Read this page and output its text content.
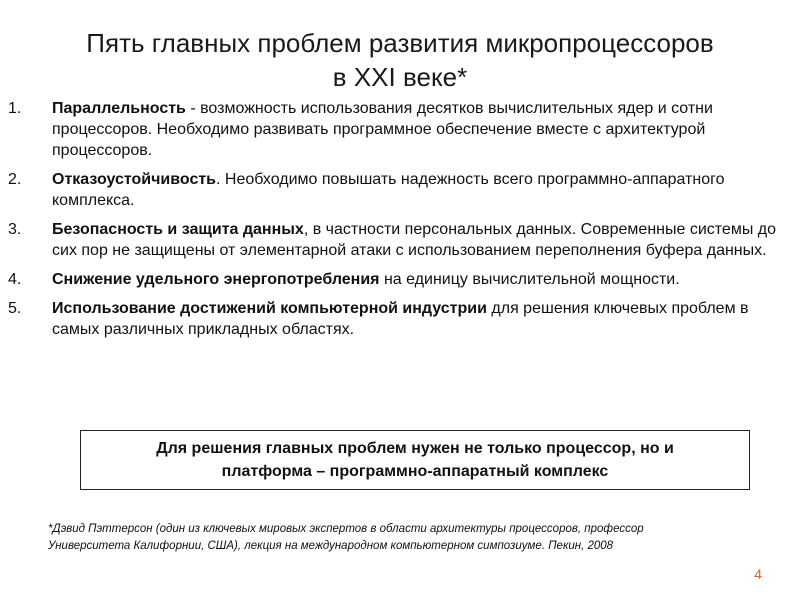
Пять главных проблем развития микропроцессоров
в XXI веке*
1.	Параллельность - возможность использования десятков вычислительных ядер и сотни процессоров. Необходимо развивать программное обеспечение вместе с архитектурой процессоров.
2.	Отказоустойчивость. Необходимо повышать надежность всего программно-аппаратного комплекса.
3.	Безопасность и защита данных, в частности персональных данных. Современные системы до сих пор не защищены от элементарной атаки с использованием переполнения буфера данных.
4.	Снижение удельного энергопотребления на единицу вычислительной мощности.
5.	Использование достижений компьютерной индустрии для решения ключевых проблем в самых различных прикладных областях.
Для решения главных проблем нужен не только процессор, но и
платформа – программно-аппаратный комплекс
*Дэвид Пэттерсон (один из ключевых мировых экспертов в области архитектуры процессоров, профессор
Университета Калифорнии, США), лекция на международном компьютерном симпозиуме. Пекин, 2008
4
